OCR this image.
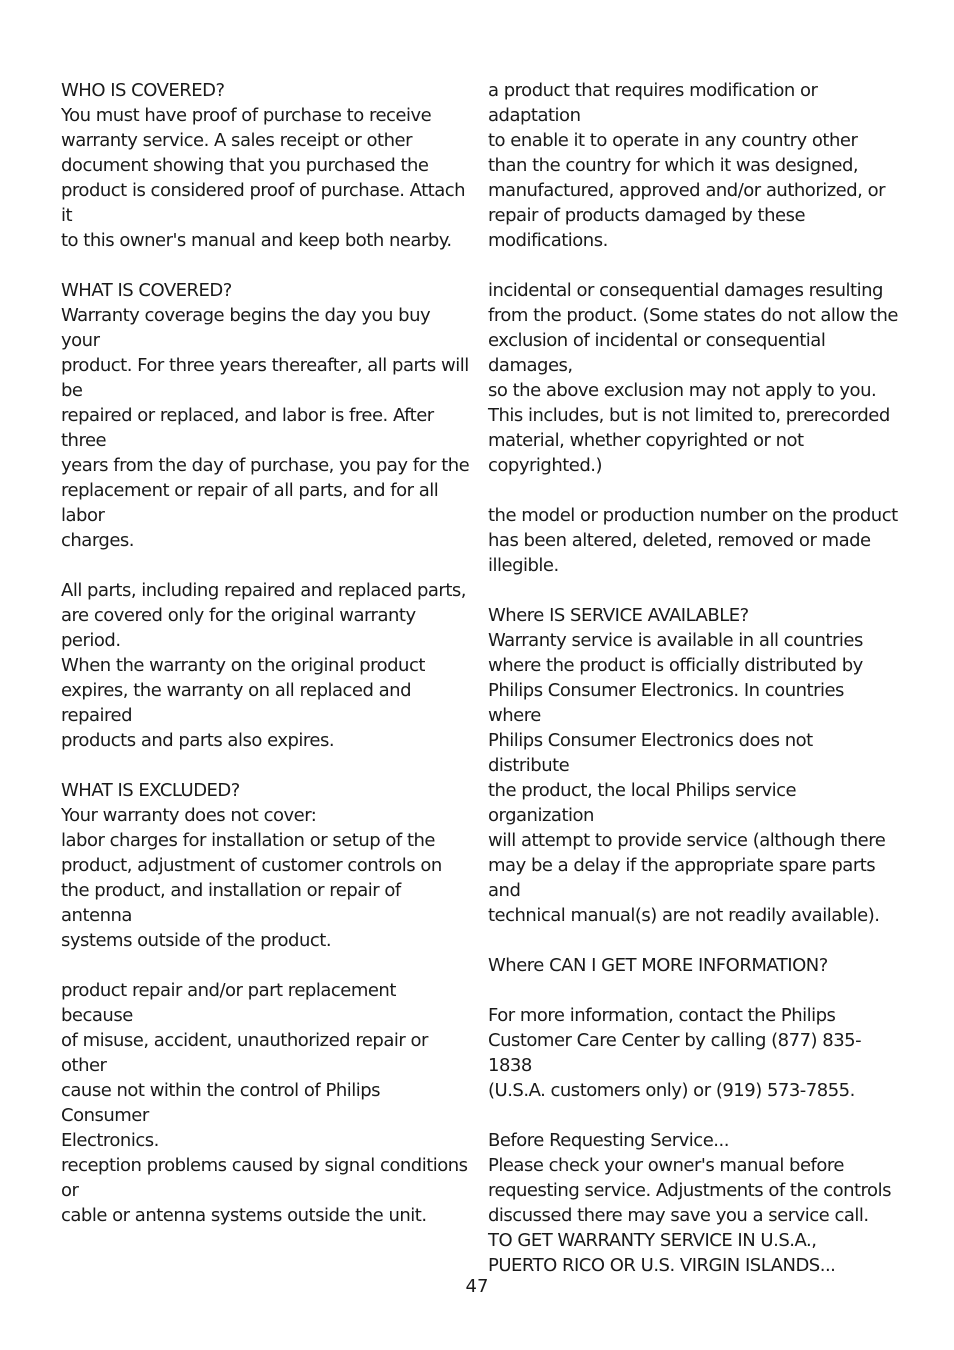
WHO IS COVERED?
You must have proof of purchase to receive
warranty service. A sales receipt or other
document showing that you purchased the
product is considered proof of purchase. Attach it
to this owner's manual and keep both nearby.
WHAT IS COVERED?
Warranty coverage begins the day you buy your
product. For three years thereafter, all parts will be
repaired or replaced, and labor is free. After three
years from the day of purchase, you pay for the
replacement or repair of all parts, and for all labor
charges.
All parts, including repaired and replaced parts,
are covered only for the original warranty period.
When the warranty on the original product
expires, the warranty on all replaced and repaired
products and parts also expires.
WHAT IS EXCLUDED?
Your warranty does not cover:
labor charges for installation or setup of the
product, adjustment of customer controls on
the product, and installation or repair of antenna
systems outside of the product.
product repair and/or part replacement because
of misuse, accident, unauthorized repair or other
cause not within the control of Philips Consumer
Electronics.
reception problems caused by signal conditions or
cable or antenna systems outside the unit.
a product that requires modification or adaptation
to enable it to operate in any country other
than the country for which it was designed,
manufactured, approved and/or authorized, or
repair of products damaged by these modifications.
incidental or consequential damages resulting
from the product. (Some states do not allow the
exclusion of incidental or consequential damages,
so the above exclusion may not apply to you.
This includes, but is not limited to, prerecorded
material, whether copyrighted or not copyrighted.)
the model or production number on the product
has been altered, deleted, removed or made
illegible.
Where IS SERVICE AVAILABLE?
Warranty service is available in all countries
where the product is officially distributed by
Philips Consumer Electronics. In countries where
Philips Consumer Electronics does not distribute
the product, the local Philips service organization
will attempt to provide service (although there
may be a delay if the appropriate spare parts and
technical manual(s) are not readily available).
Where CAN I GET MORE INFORMATION?
For more information, contact the Philips
Customer Care Center by calling (877) 835-1838
(U.S.A. customers only) or (919) 573-7855.
Before Requesting Service...
Please check your owner's manual before
requesting service. Adjustments of the controls
discussed there may save you a service call.
TO GET WARRANTY SERVICE IN U.S.A.,
PUERTO RICO OR U.S. VIRGIN ISLANDS...
47
